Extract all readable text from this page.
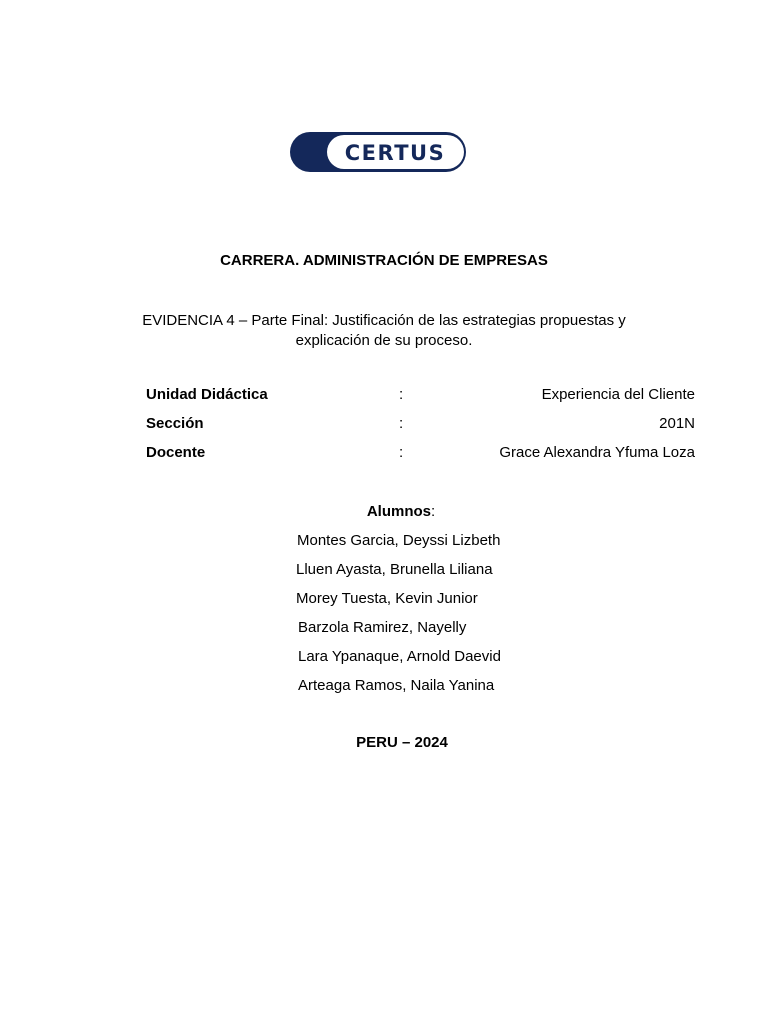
CERTUS
CARRERA. ADMINISTRACIÓN DE EMPRESAS
EVIDENCIA 4 – Parte Final: Justificación de las estrategias propuestas y
explicación de su proceso.
Unidad Didáctica	:	Experiencia del Cliente
Sección	:	201N
Docente	:	Grace Alexandra Yfuma Loza
Alumnos:
Montes Garcia, Deyssi Lizbeth
Lluen Ayasta, Brunella Liliana
Morey Tuesta, Kevin Junior
Barzola Ramirez, Nayelly
Lara Ypanaque, Arnold Daevid
Arteaga Ramos, Naila Yanina
PERU – 2024
